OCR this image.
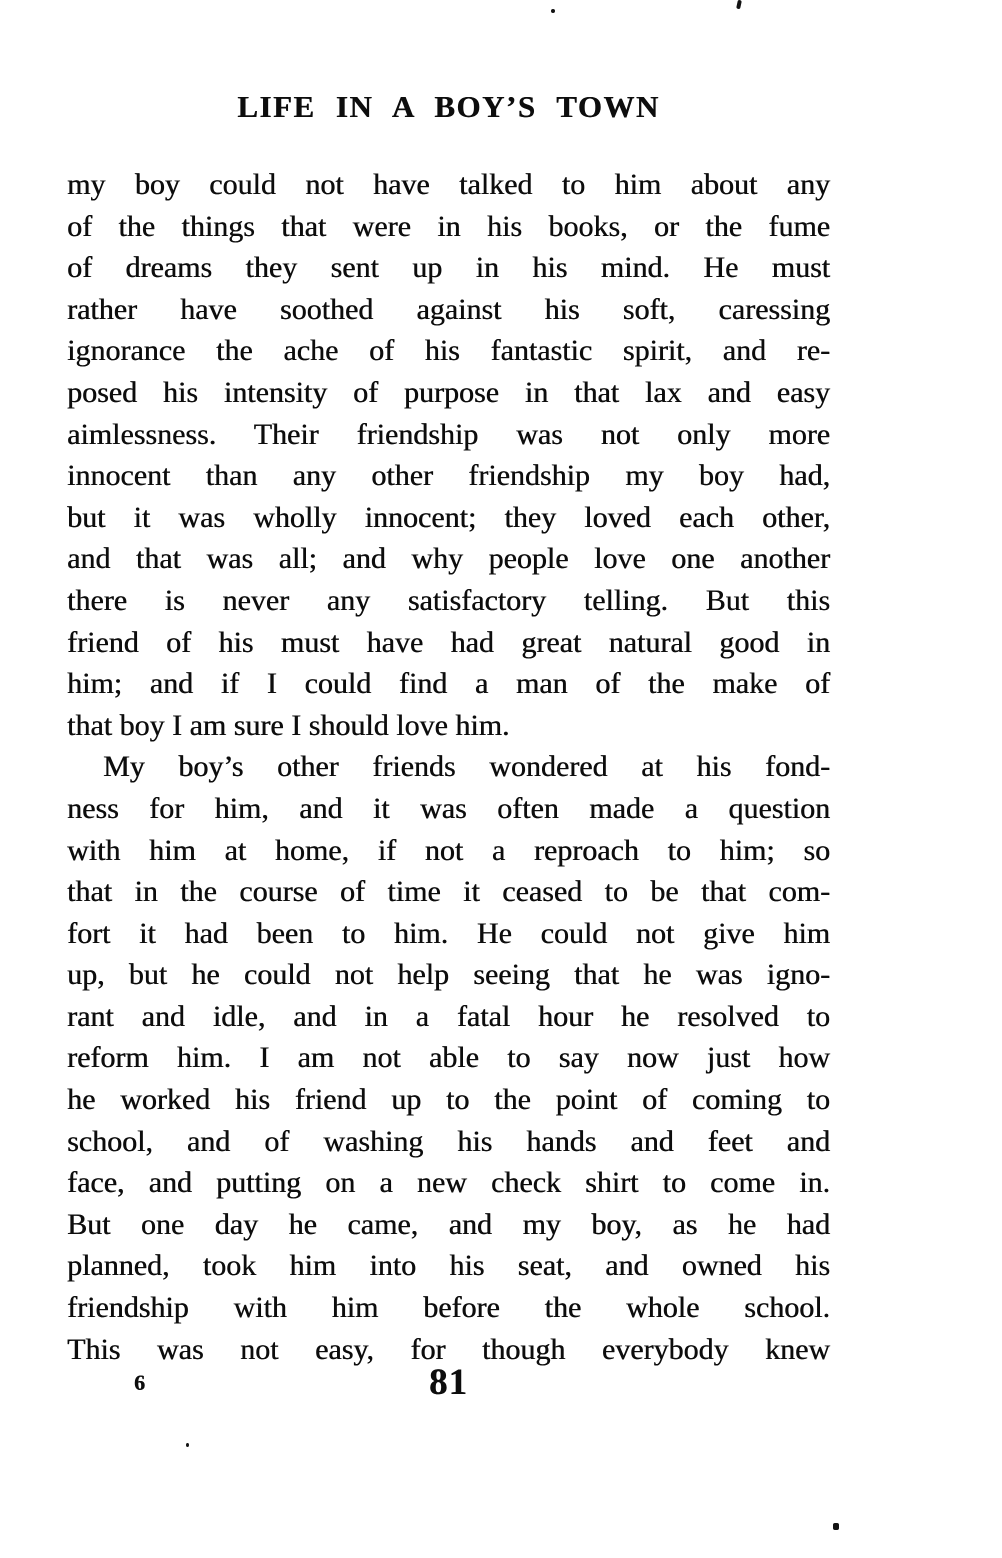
LIFE IN A BOY’S TOWN
my boy could not have talked to him about any
of the things that were in his books, or the fume
of dreams they sent up in his mind. He must
rather have soothed against his soft, caressing
ignorance the ache of his fantastic spirit, and re-
posed his intensity of purpose in that lax and easy
aimlessness. Their friendship was not only more
innocent than any other friendship my boy had,
but it was wholly innocent; they loved each other,
and that was all; and why people love one another
there is never any satisfactory telling. But this
friend of his must have had great natural good in
him; and if I could find a man of the make of
that boy I am sure I should love him.
My boy’s other friends wondered at his fond-
ness for him, and it was often made a question
with him at home, if not a reproach to him; so
that in the course of time it ceased to be that com-
fort it had been to him. He could not give him
up, but he could not help seeing that he was igno-
rant and idle, and in a fatal hour he resolved to
reform him. I am not able to say now just how
he worked his friend up to the point of coming to
school, and of washing his hands and feet and
face, and putting on a new check shirt to come in.
But one day he came, and my boy, as he had
planned, took him into his seat, and owned his
friendship with him before the whole school.
This was not easy, for though everybody knew
6	81
